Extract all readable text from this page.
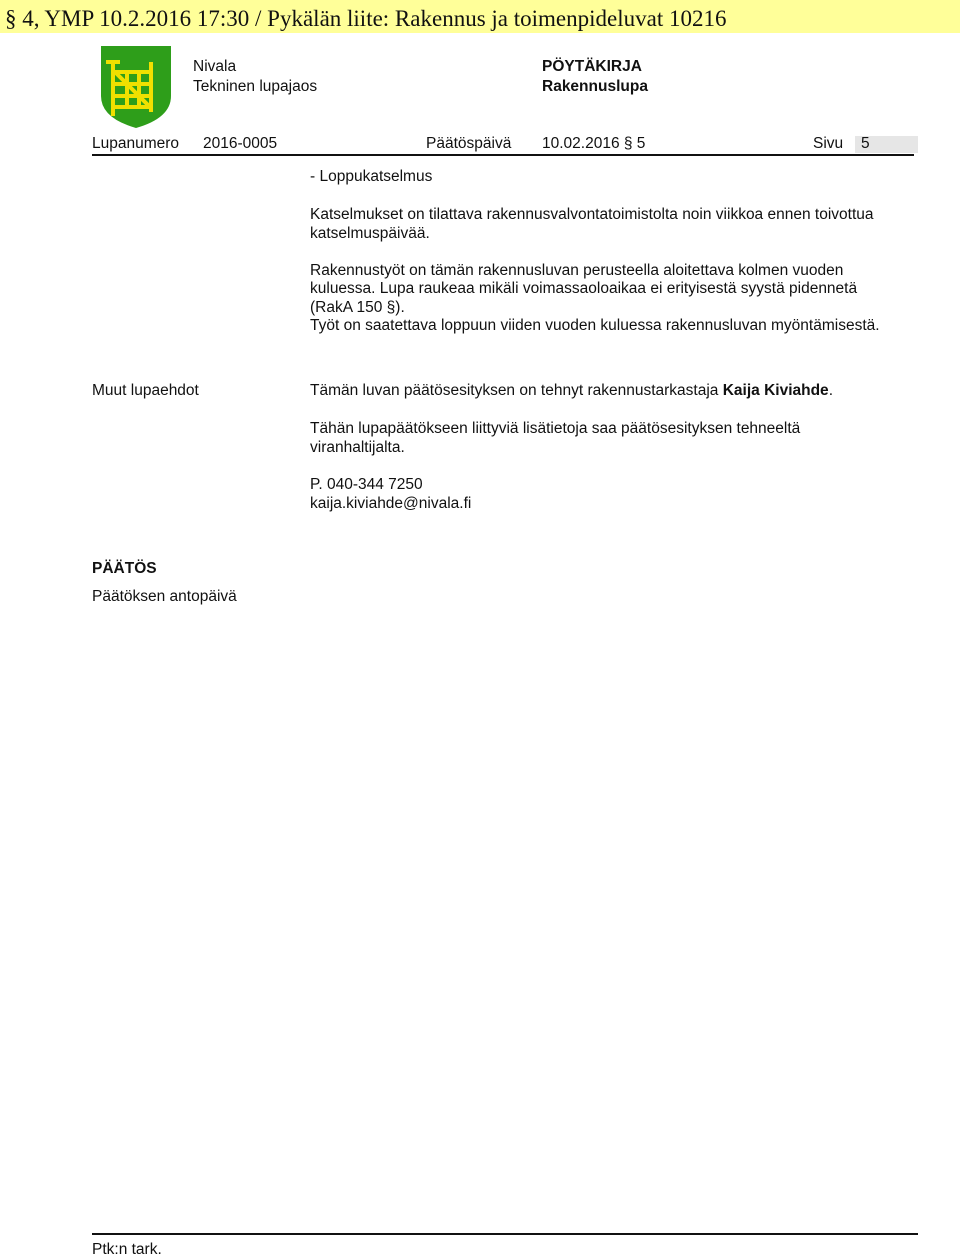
§ 4, YMP 10.2.2016 17:30 / Pykälän liite: Rakennus ja toimenpideluvat 10216
Nivala
Tekninen lupajaos
PÖYTÄKIRJA
Rakennuslupa
Lupanumero 2016-0005	Päätöspäivä 10.02.2016 § 5	Sivu 5
- Loppukatselmus
Katselmukset on tilattava rakennusvalvontatoimistolta noin viikkoa ennen toivottua
katselmuspäivää.
Rakennustyöt on tämän rakennusluvan perusteella aloitettava kolmen vuoden
kuluessa. Lupa raukeaa mikäli voimassaoloaikaa ei erityisestä syystä pidennetä
(RakA 150 §).
Työt on saatettava loppuun viiden vuoden kuluessa rakennusluvan myöntämisestä.
Muut lupaehdot	Tämän luvan päätösesityksen on tehnyt rakennustarkastaja Kaija Kiviahde.
Tähän lupapäätökseen liittyviä lisätietoja saa päätösesityksen tehneeltä
viranhaltijalta.
P. 040-344 7250
kaija.kiviahde@nivala.fi
PÄÄTÖS
Päätöksen antopäivä
Ptk:n tark.
